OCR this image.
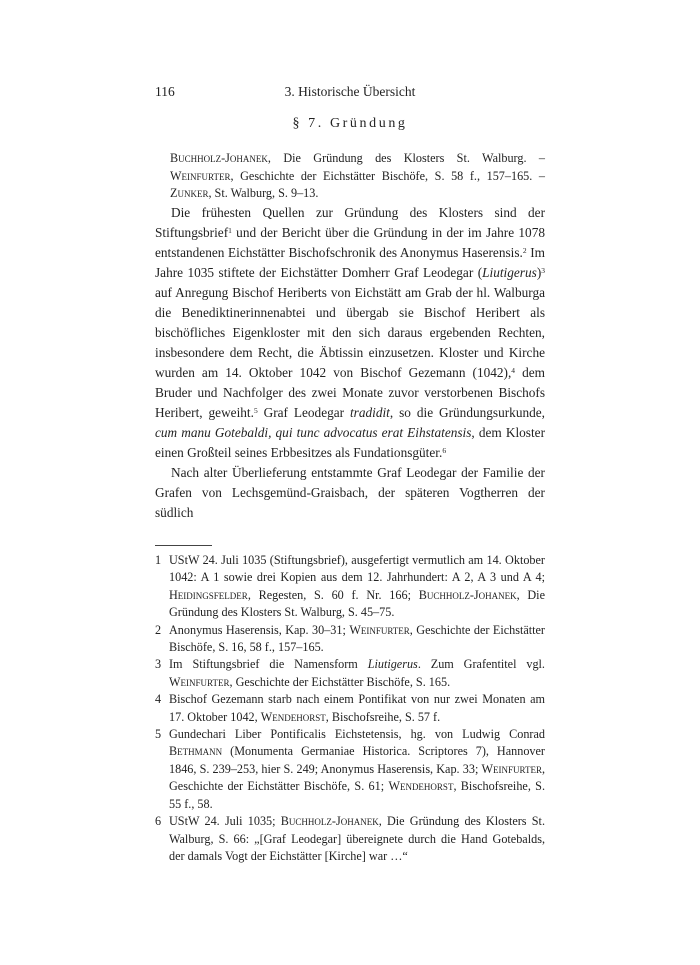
116	3. Historische Übersicht
§ 7. Gründung
Buchholz-Johanek, Die Gründung des Klosters St. Walburg. – Weinfurter, Geschichte der Eichstätter Bischöfe, S. 58 f., 157–165. – Zunker, St. Walburg, S. 9–13.

Die frühesten Quellen zur Gründung des Klosters sind der Stiftungsbrief$^1$ und der Bericht über die Gründung in der im Jahre 1078 entstandenen Eichstätter Bischofschronik des Anonymus Haserensis.$^2$ Im Jahre 1035 stiftete der Eichstätter Domherr Graf Leodegar (Liutigerus)$^3$ auf Anregung Bischof Heriberts von Eichstätt am Grab der hl. Walburga die Benediktinerinnenabtei und übergab sie Bischof Heribert als bischöfliches Eigenkloster mit den sich daraus ergebenden Rechten, insbesondere dem Recht, die Äbtissin einzusetzen. Kloster und Kirche wurden am 14. Oktober 1042 von Bischof Gezemann (1042),$^4$ dem Bruder und Nachfolger des zwei Monate zuvor verstorbenen Bischofs Heribert, geweiht.$^5$ Graf Leodegar tradidit, so die Gründungsurkunde, cum manu Gotebaldi, qui tunc advocatus erat Eihstatensis, dem Kloster einen Großteil seines Erbbesitzes als Fundationsgüter.$^6$

Nach alter Überlieferung entstammte Graf Leodegar der Familie der Grafen von Lechsgemünd-Graisbach, der späteren Vogtherren der südlich

1 UStW 24. Juli 1035 (Stiftungsbrief), ausgefertigt vermutlich am 14. Oktober 1042: A 1 sowie drei Kopien aus dem 12. Jahrhundert: A 2, A 3 und A 4; Heidingsfelder, Regesten, S. 60 f. Nr. 166; Buchholz-Johanek, Die Gründung des Klosters St. Walburg, S. 45–75.

2 Anonymus Haserensis, Kap. 30–31; Weinfurter, Geschichte der Eichstätter Bischöfe, S. 16, 58 f., 157–165.

3 Im Stiftungsbrief die Namensform Liutigerus. Zum Grafentitel vgl. Weinfurter, Geschichte der Eichstätter Bischöfe, S. 165.

4 Bischof Gezemann starb nach einem Pontifikat von nur zwei Monaten am 17. Oktober 1042, Wendehorst, Bischofsreihe, S. 57 f.

5 Gundechari Liber Pontificalis Eichstetensis, hg. von Ludwig Conrad Bethmann (Monumenta Germaniae Historica. Scriptores 7), Hannover 1846, S. 239–253, hier S. 249; Anonymus Haserensis, Kap. 33; Weinfurter, Geschichte der Eichstätter Bischöfe, S. 61; Wendehorst, Bischofsreihe, S. 55 f., 58.

6 UStW 24. Juli 1035; Buchholz-Johanek, Die Gründung des Klosters St. Walburg, S. 66: „[Graf Leodegar] übereignete durch die Hand Gotebalds, der damals Vogt der Eichstätter [Kirche] war …“
